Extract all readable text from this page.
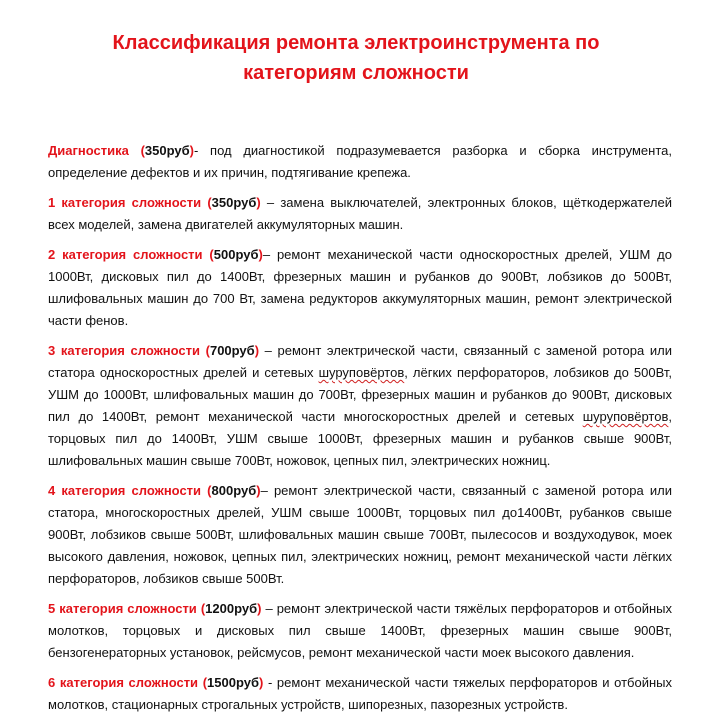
Классификация ремонта электроинструмента по
категориям сложности

Диагностика (350руб)- под диагностикой подразумевается разборка и сборка инструмента, определение дефектов и их причин, подтягивание крепежа.

1 категория сложности (350руб) – замена выключателей, электронных блоков, щёткодержателей всех моделей, замена двигателей аккумуляторных машин.

2 категория сложности (500руб)– ремонт механической части односкоростных дрелей, УШМ до 1000Вт, дисковых пил до 1400Вт, фрезерных машин и рубанков до 900Вт, лобзиков до 500Вт, шлифовальных машин до 700 Вт, замена редукторов аккумуляторных машин, ремонт электрической части фенов.

3 категория сложности (700руб) – ремонт электрической части, связанный с заменой ротора или статора односкоростных дрелей и сетевых шуруповёртов, лёгких перфораторов, лобзиков до 500Вт, УШМ до 1000Вт, шлифовальных машин до 700Вт, фрезерных машин и рубанков до 900Вт, дисковых пил до 1400Вт, ремонт механической части многоскоростных дрелей и сетевых шуруповёртов, торцовых пил до 1400Вт, УШМ свыше 1000Вт, фрезерных машин и рубанков свыше 900Вт, шлифовальных машин свыше 700Вт, ножовок, цепных пил, электрических ножниц.

4 категория сложности (800руб)– ремонт электрической части, связанный с заменой ротора или статора, многоскоростных дрелей, УШМ свыше 1000Вт, торцовых пил до1400Вт, рубанков свыше 900Вт, лобзиков свыше 500Вт, шлифовальных машин свыше 700Вт, пылесосов и воздуходувок, моек высокого давления, ножовок, цепных пил, электрических ножниц, ремонт механической части лёгких перфораторов, лобзиков свыше 500Вт.

5 категория сложности (1200руб) – ремонт электрической части тяжёлых перфораторов и отбойных молотков, торцовых и дисковых пил свыше 1400Вт, фрезерных машин свыше 900Вт, бензогенераторных установок, рейсмусов, ремонт механической части моек высокого давления.

6 категория сложности (1500руб) - ремонт механической части тяжелых перфораторов и отбойных молотков, стационарных строгальных устройств, шипорезных, пазорезных устройств.
